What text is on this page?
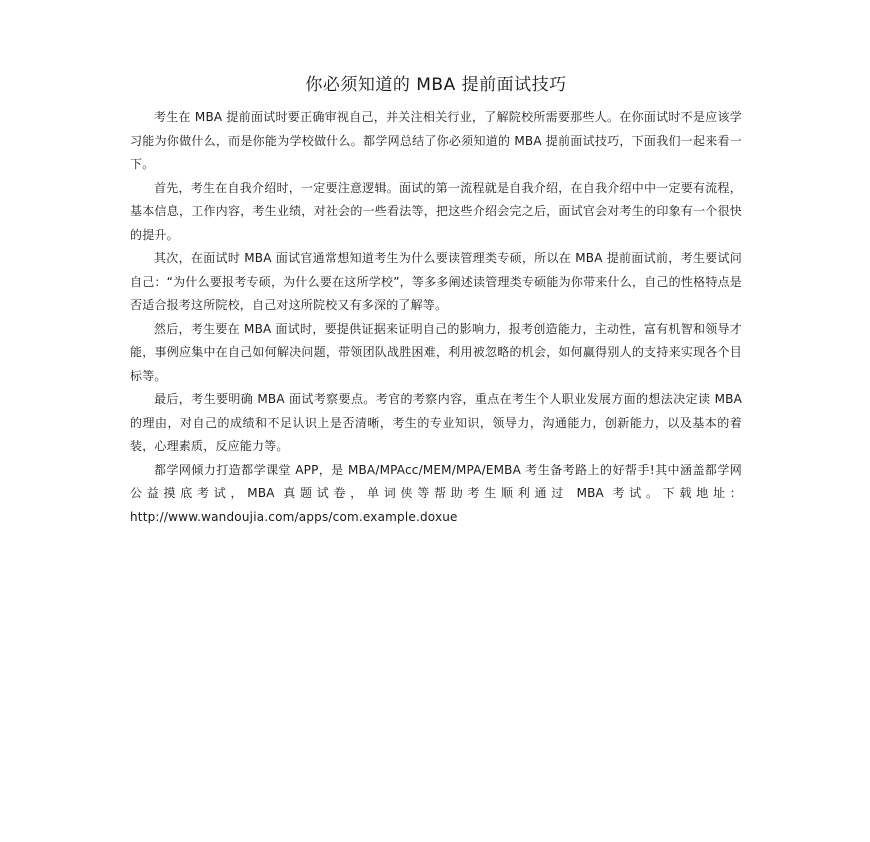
你必须知道的 MBA 提前面试技巧

考生在 MBA 提前面试时要正确审视自己，并关注相关行业，了解院校所需要那些人。在你面试时不是应该学习能为你做什么，而是你能为学校做什么。都学网总结了你必须知道的 MBA 提前面试技巧，下面我们一起来看一下。

首先，考生在自我介绍时，一定要注意逻辑。面试的第一流程就是自我介绍，在自我介绍中中一定要有流程，基本信息，工作内容，考生业绩，对社会的一些看法等，把这些介绍会完之后，面试官会对考生的印象有一个很快的提升。

其次，在面试时 MBA 面试官通常想知道考生为什么要读管理类专硕，所以在 MBA 提前面试前，考生要试问自己：“为什么要报考专硕，为什么要在这所学校”，等多多阐述读管理类专硕能为你带来什么，自己的性格特点是否适合报考这所院校，自己对这所院校又有多深的了解等。

然后，考生要在 MBA 面试时，要提供证据来证明自己的影响力，报考创造能力，主动性，富有机智和领导才能，事例应集中在自己如何解决问题，带领团队战胜困难，利用被忽略的机会，如何赢得别人的支持来实现各个目标等。

最后，考生要明确 MBA 面试考察要点。考官的考察内容，重点在考生个人职业发展方面的想法决定读 MBA 的理由，对自己的成绩和不足认识上是否清晰，考生的专业知识，领导力，沟通能力，创新能力，以及基本的着装，心理素质，反应能力等。

都学网倾力打造都学课堂 APP，是 MBA/MPAcc/MEM/MPA/EMBA 考生备考路上的好帮手!其中涵盖都学网公益摸底考试，MBA 真题试卷，单词侠等帮助考生顺利通过 MBA 考试。下载地址：http://www.wandoujia.com/apps/com.example.doxue
